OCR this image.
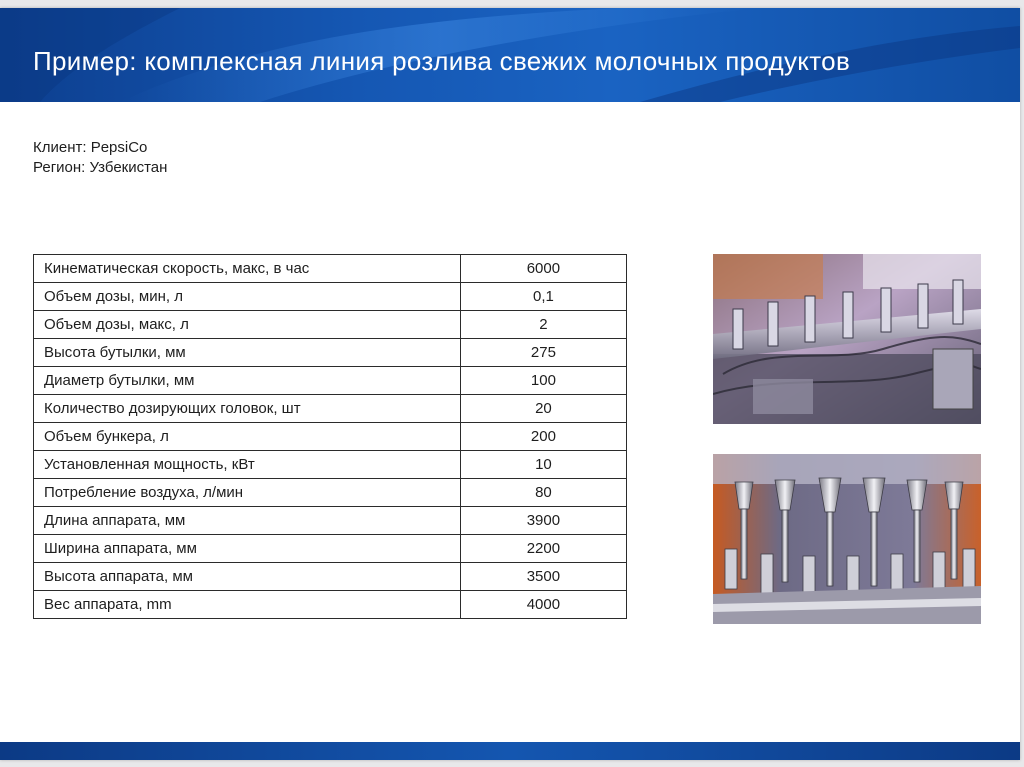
Пример: комплексная линия розлива свежих молочных продуктов
Клиент: PepsiCo
Регион: Узбекистан
Кинематическая скорость, макс, в час	6000
Объем дозы, мин, л	0,1
Объем дозы, макс, л	2
Высота бутылки, мм	275
Диаметр бутылки, мм	100
Количество дозирующих головок, шт	20
Объем бункера, л	200
Установленная мощность, кВт	10
Потребление воздуха, л/мин	80
Длина аппарата, мм	3900
Ширина аппарата, мм	2200
Высота аппарата, мм	3500
Вес аппарата, mm	4000
